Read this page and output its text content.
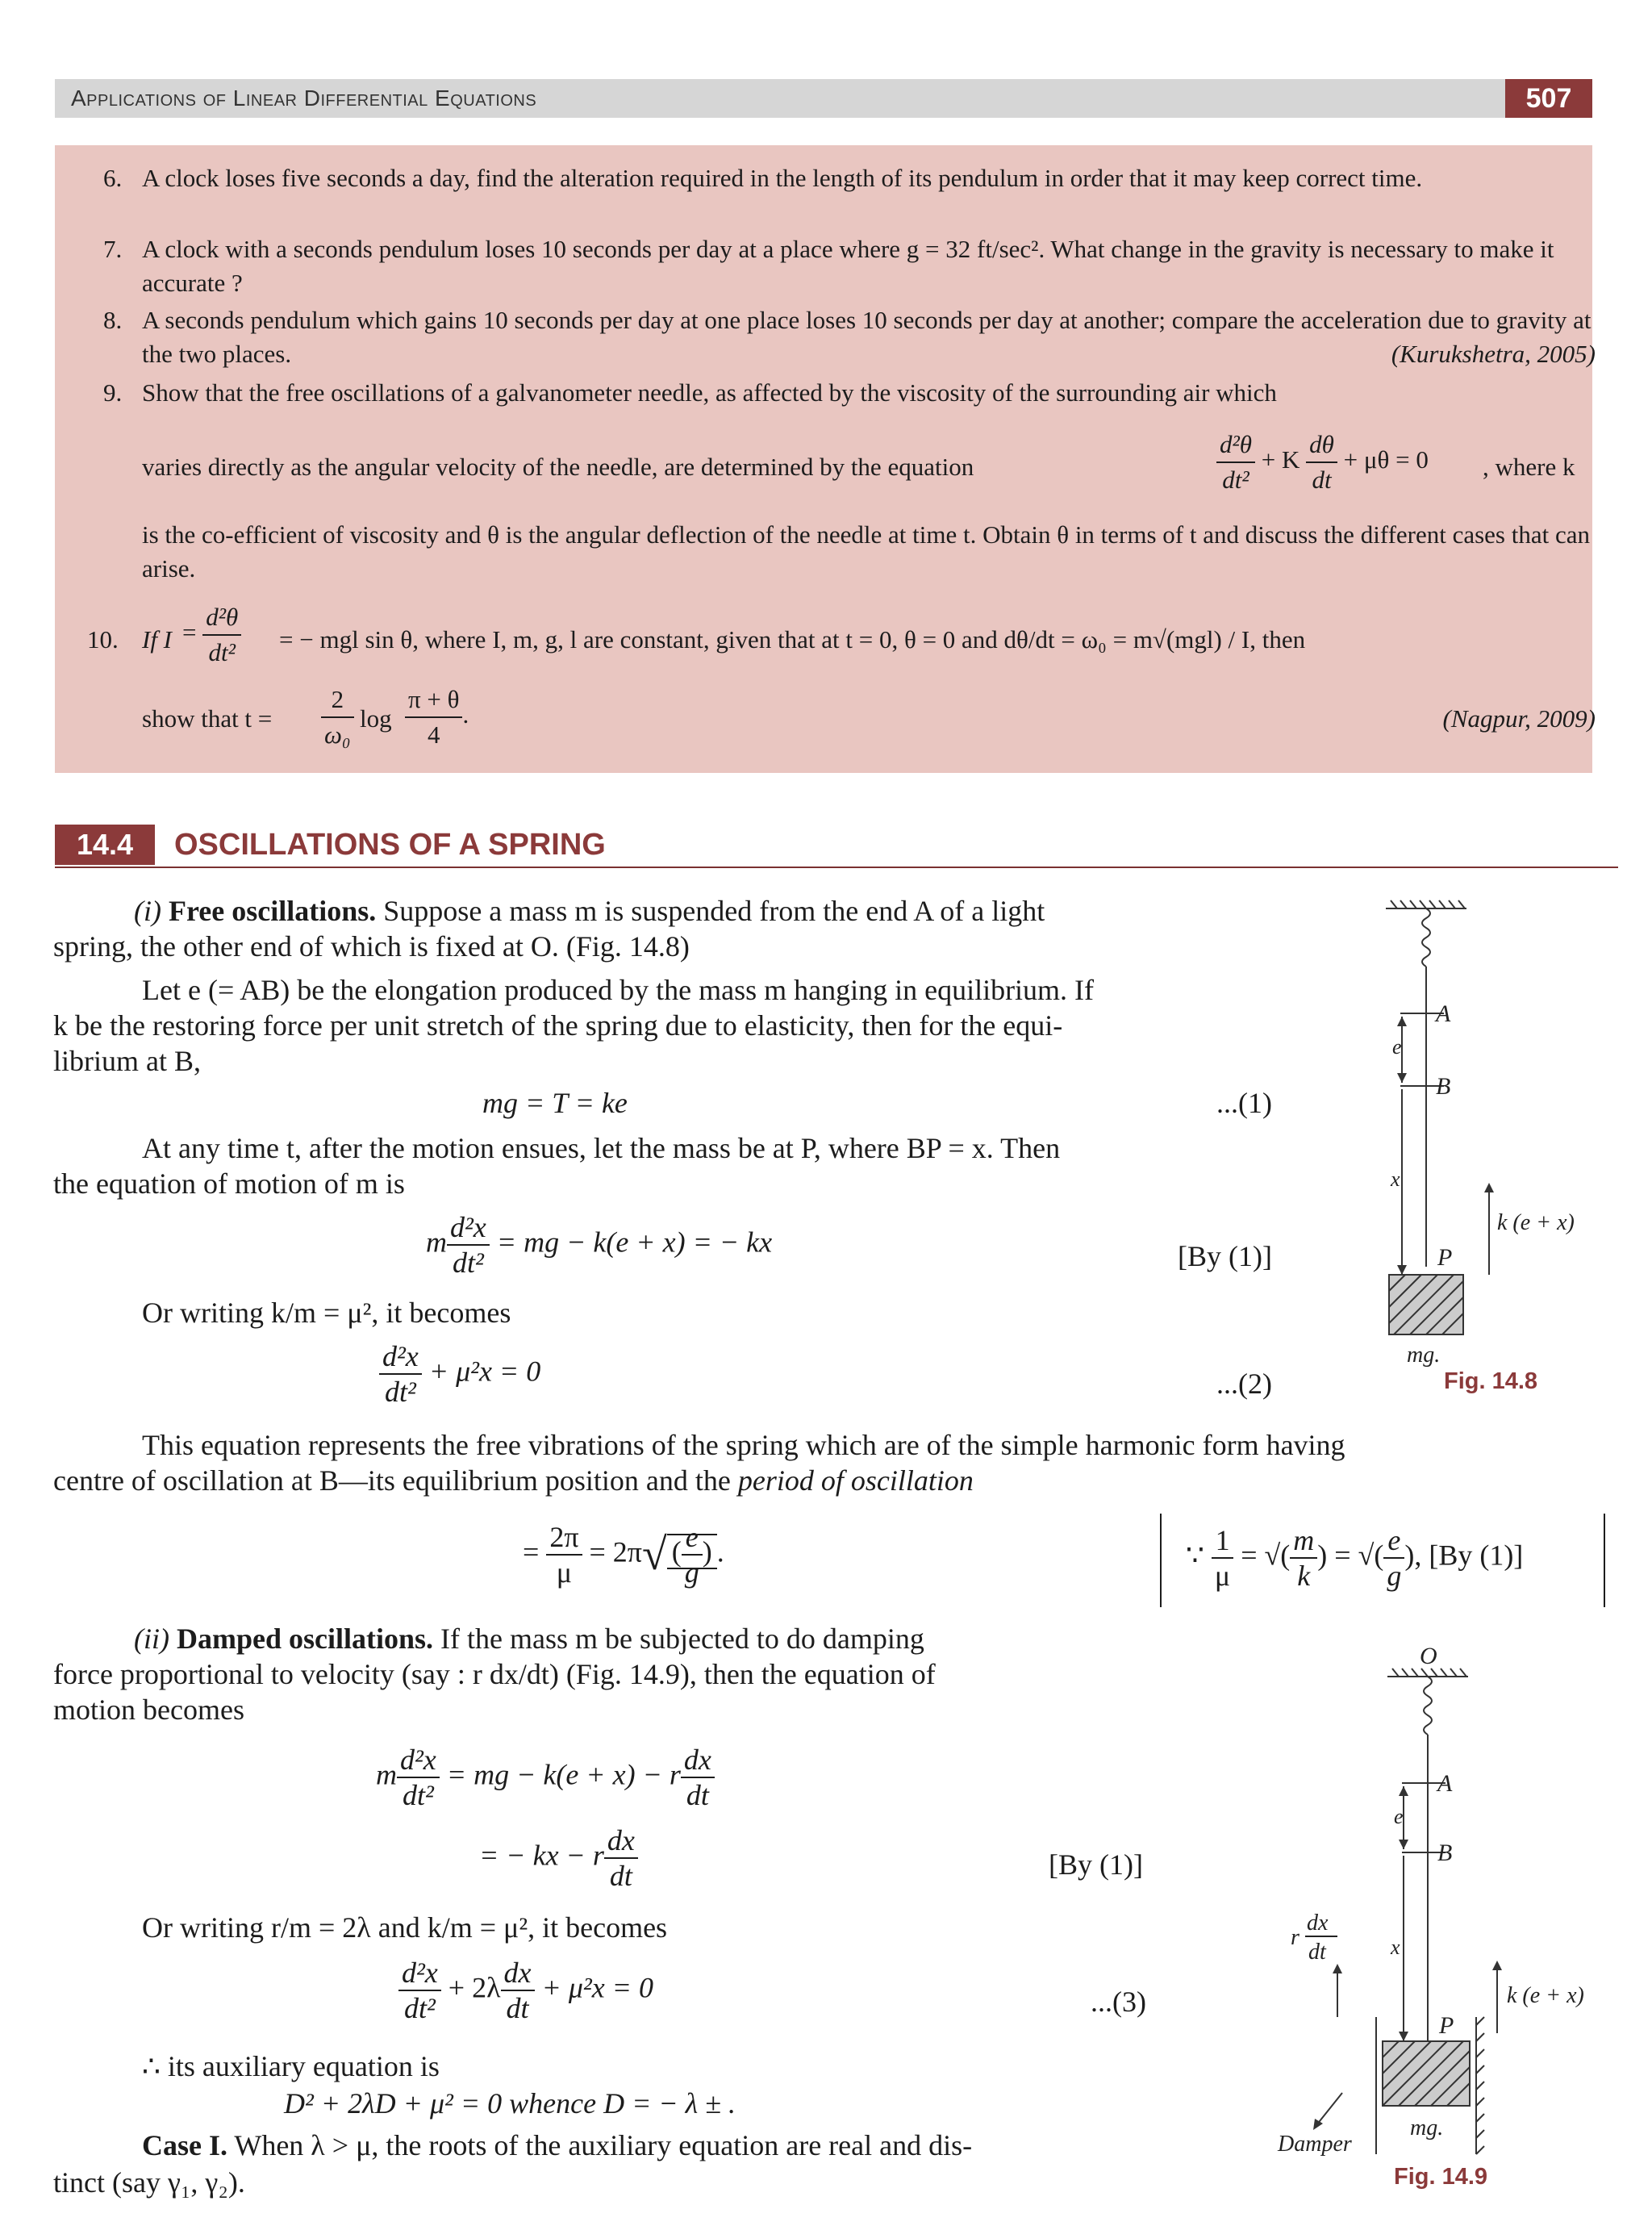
Applications of Linear Differential Equations	507
6. A clock loses five seconds a day, find the alteration required in the length of its pendulum in order that it may keep correct time.
7. A clock with a seconds pendulum loses 10 seconds per day at a place where g = 32 ft/sec². What change in the gravity is necessary to make it accurate ?
8. A seconds pendulum which gains 10 seconds per day at one place loses 10 seconds per day at another; compare the acceleration due to gravity at the two places.	(Kurukshetra, 2005)
9. Show that the free oscillations of a galvanometer needle, as affected by the viscosity of the surrounding air which
varies directly as the angular velocity of the needle, are determined by the equation	$\frac{\text{d²θ}}{\text{dt²}} + K \frac{d\theta}{dt} + \mu\theta = 0$ , where k
is the co-efficient of viscosity and θ is the angular deflection of the needle at time t. Obtain θ in terms of t and discuss the different cases that can arise.
10. If $I = \frac{\text{d²θ}}{\text{dt²}}$ = − mgl sin θ, where I, m, g, l are constant, given that at t = 0, θ = 0 and dθ/dt = ω₀ = m√(mgl) / I, then
show that $t = \frac{2}{\text{ω₀}}$ $\log \frac{\pi + \theta}{4}$ .	(Nagpur, 2009)
14.4	OSCILLATIONS OF A SPRING
(i) Free oscillations. Suppose a mass m is suspended from the end A of a light
spring, the other end of which is fixed at O. (Fig. 14.8)
Let e (= AB) be the elongation produced by the mass m hanging in equilibrium. If
k be the restoring force per unit stretch of the spring due to elasticity, then for the equi-
librium at B,
mg = T = ke	...(1)
At any time t, after the motion ensues, let the mass be at P, where BP = x. Then
the equation of motion of m is
m $\frac{\text{d²x}}{\text{dt²}}$ = mg − k(e + x) = − kx	[By (1)]
Or writing k/m = μ², it becomes
$\frac{\text{d²x}}{\text{dt²}} + \mu^2x = 0$	...(2)
This equation represents the free vibrations of the spring which are of the simple harmonic form having
centre of oscillation at B—its equilibrium position and the period of oscillation
= $\frac{2\pi}{\mu} = 2\pi√$ ( $\frac{e}{g}$ ) .	∵ $\frac{1}{\mu}$ = √( $\frac{m}{k}$ ) = √( $\frac{e}{g}$ ), [By (1)]
(ii) Damped oscillations. If the mass m be subjected to do damping
force proportional to velocity (say : r dx/dt) (Fig. 14.9), then the equation of
motion becomes
m $\frac{\text{d²x}}{\text{dt²}}$ = mg − k(e + x) − r $\frac{dx}{dt}$
= − kx − r $\frac{dx}{dt}$	[By (1)]
Or writing r/m = 2λ and k/m = μ², it becomes
$\frac{\text{d²x}}{\text{dt²}} + 2\lambda \frac{dx}{dt} + \mu^2x = 0$	...(3)
∴ its auxiliary equation is
D² + 2λD + μ² = 0 whence D = − λ ± .
Case I. When λ > μ, the roots of the auxiliary equation are real and dis-
tinct (say γ₁, γ₂).
A
B
e
x
P
k (e + x)
mg.
Fig. 14.8
O
A
B
e
x
P
k (e + x)
mg.
Damper
r
dx
dt
Fig. 14.9
